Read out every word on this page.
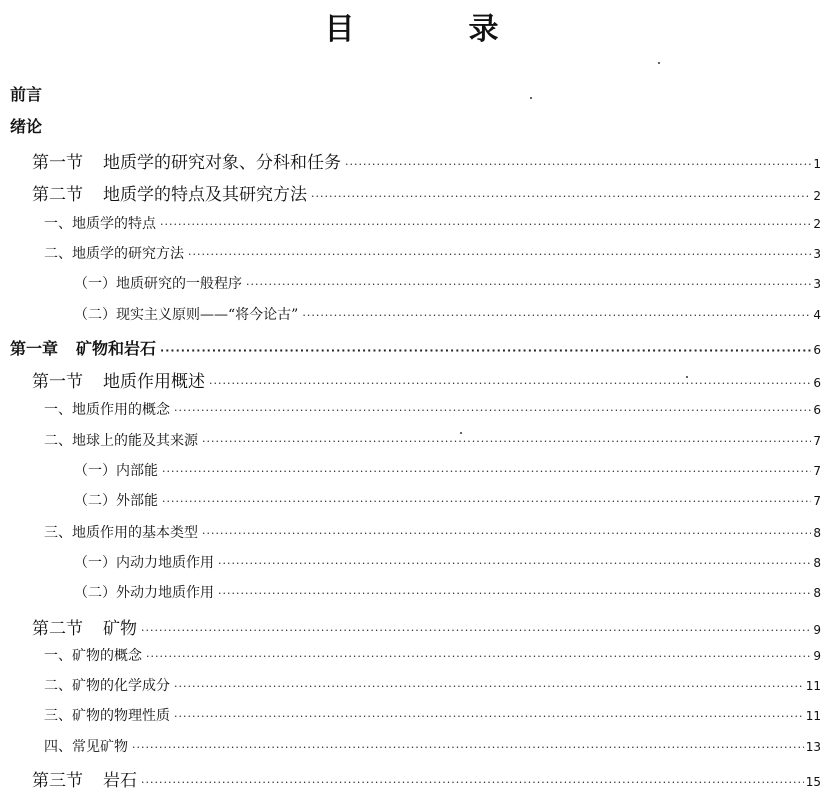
目	录
前言
绪论
第一节 地质学的研究对象、分科和任务 ·····	1
第二节 地质学的特点及其研究方法 ·····	2
一、地质学的特点 ·····	2
二、地质学的研究方法 ·····	3
（一）地质研究的一般程序 ·····	3
（二）现实主义原则——“将今论古” ·····	4
第一章 矿物和岩石 ·····	6
第一节 地质作用概述 ·····	6
一、地质作用的概念 ·····	6
二、地球上的能及其来源 ·····	7
（一）内部能 ·····	7
（二）外部能 ·····	7
三、地质作用的基本类型 ·····	8
（一）内动力地质作用 ·····	8
（二）外动力地质作用 ·····	8
第二节 矿物 ·····	9
一、矿物的概念 ·····	9
二、矿物的化学成分 ·····	11
三、矿物的物理性质 ·····	11
四、常见矿物 ·····	13
第三节 岩石 ·····	15
